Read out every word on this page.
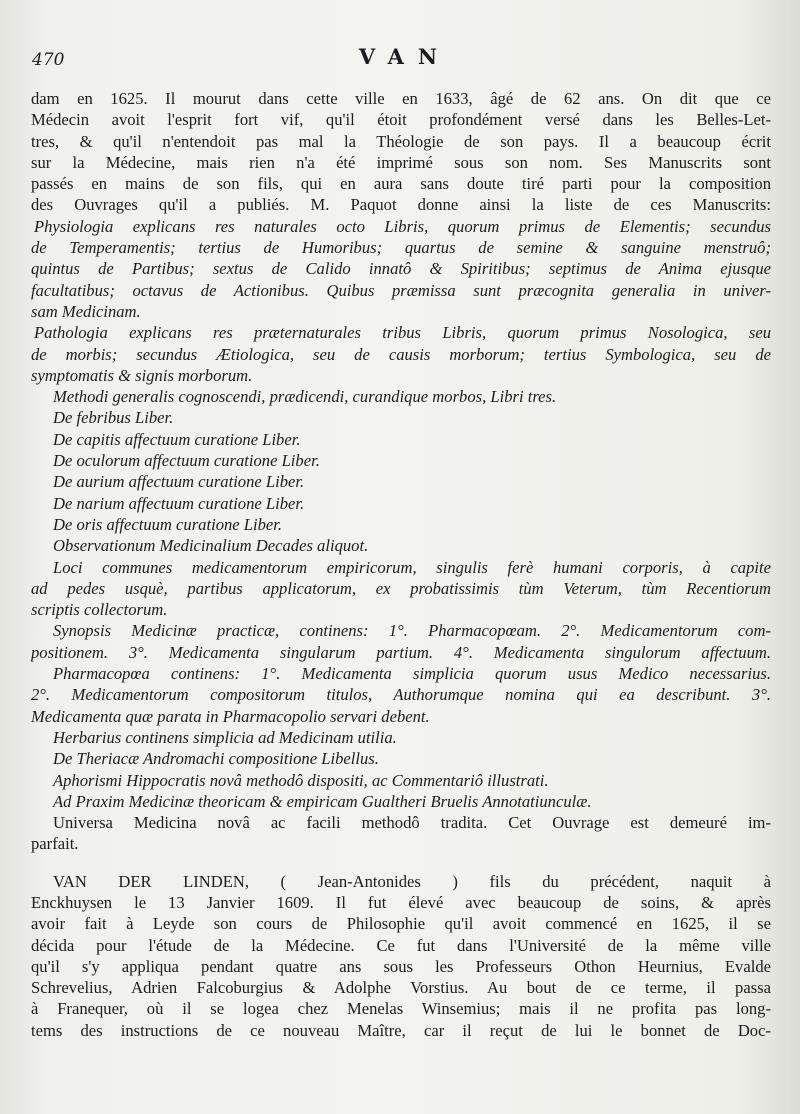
470	VAN
dam en 1625. Il mourut dans cette ville en 1633, âgé de 62 ans. On dit que ce
Médecin avoit l'esprit fort vif, qu'il étoit profondément versé dans les Belles-Let-
tres, & qu'il n'entendoit pas mal la Théologie de son pays. Il a beaucoup écrit
sur la Médecine, mais rien n'a été imprimé sous son nom. Ses Manuscrits sont
passés en mains de son fils, qui en aura sans doute tiré parti pour la composition
des Ouvrages qu'il a publiés. M. Paquot donne ainsi la liste de ces Manuscrits:
Physiologia explicans res naturales octo Libris, quorum primus de Elementis; secundus
de Temperamentis; tertius de Humoribus; quartus de semine & sanguine menstruô;
quintus de Partibus; sextus de Calido innatô & Spiritibus; septimus de Anima ejusque
facultatibus; octavus de Actionibus. Quibus præmissa sunt præcognita generalia in univer-
sam Medicinam.
Pathologia explicans res præternaturales tribus Libris, quorum primus Nosologica, seu
de morbis; secundus Ætiologica, seu de causis morborum; tertius Symbologica, seu de
symptomatis & signis morborum.
Methodi generalis cognoscendi, prædicendi, curandique morbos, Libri tres.
De febribus Liber.
De capitis affectuum curatione Liber.
De oculorum affectuum curatione Liber.
De aurium affectuum curatione Liber.
De narium affectuum curatione Liber.
De oris affectuum curatione Liber.
Observationum Medicinalium Decades aliquot.
Loci communes medicamentorum empiricorum, singulis ferè humani corporis, à capite
ad pedes usquè, partibus applicatorum, ex probatissimis tùm Veterum, tùm Recentiorum
scriptis collectorum.
Synopsis Medicinæ practicæ, continens: 1°. Pharmacopœam. 2°. Medicamentorum com-
positionem. 3°. Medicamenta singularum partium. 4°. Medicamenta singulorum affectuum.
Pharmacopœa continens: 1°. Medicamenta simplicia quorum usus Medico necessarius.
2°. Medicamentorum compositorum titulos, Authorumque nomina qui ea describunt. 3°.
Medicamenta quæ parata in Pharmacopolio servari debent.
Herbarius continens simplicia ad Medicinam utilia.
De Theriacæ Andromachi compositione Libellus.
Aphorismi Hippocratis novâ methodô dispositi, ac Commentariô illustrati.
Ad Praxim Medicinæ theoricam & empiricam Gualtheri Bruelis Annotatiunculæ.
Universa Medicina novâ ac facili methodô tradita. Cet Ouvrage est demeuré im-
parfait.
VAN DER LINDEN, ( Jean-Antonides ) fils du précédent, naquit à
Enckhuysen le 13 Janvier 1609. Il fut élevé avec beaucoup de soins, & après
avoir fait à Leyde son cours de Philosophie qu'il avoit commencé en 1625, il se
décida pour l'étude de la Médecine. Ce fut dans l'Université de la même ville
qu'il s'y appliqua pendant quatre ans sous les Professeurs Othon Heurnius, Evalde
Schrevelius, Adrien Falcoburgius & Adolphe Vorstius. Au bout de ce terme, il passa
à Franequer, où il se logea chez Menelas Winsemius; mais il ne profita pas long-
tems des instructions de ce nouveau Maître, car il reçut de lui le bonnet de Doc-
